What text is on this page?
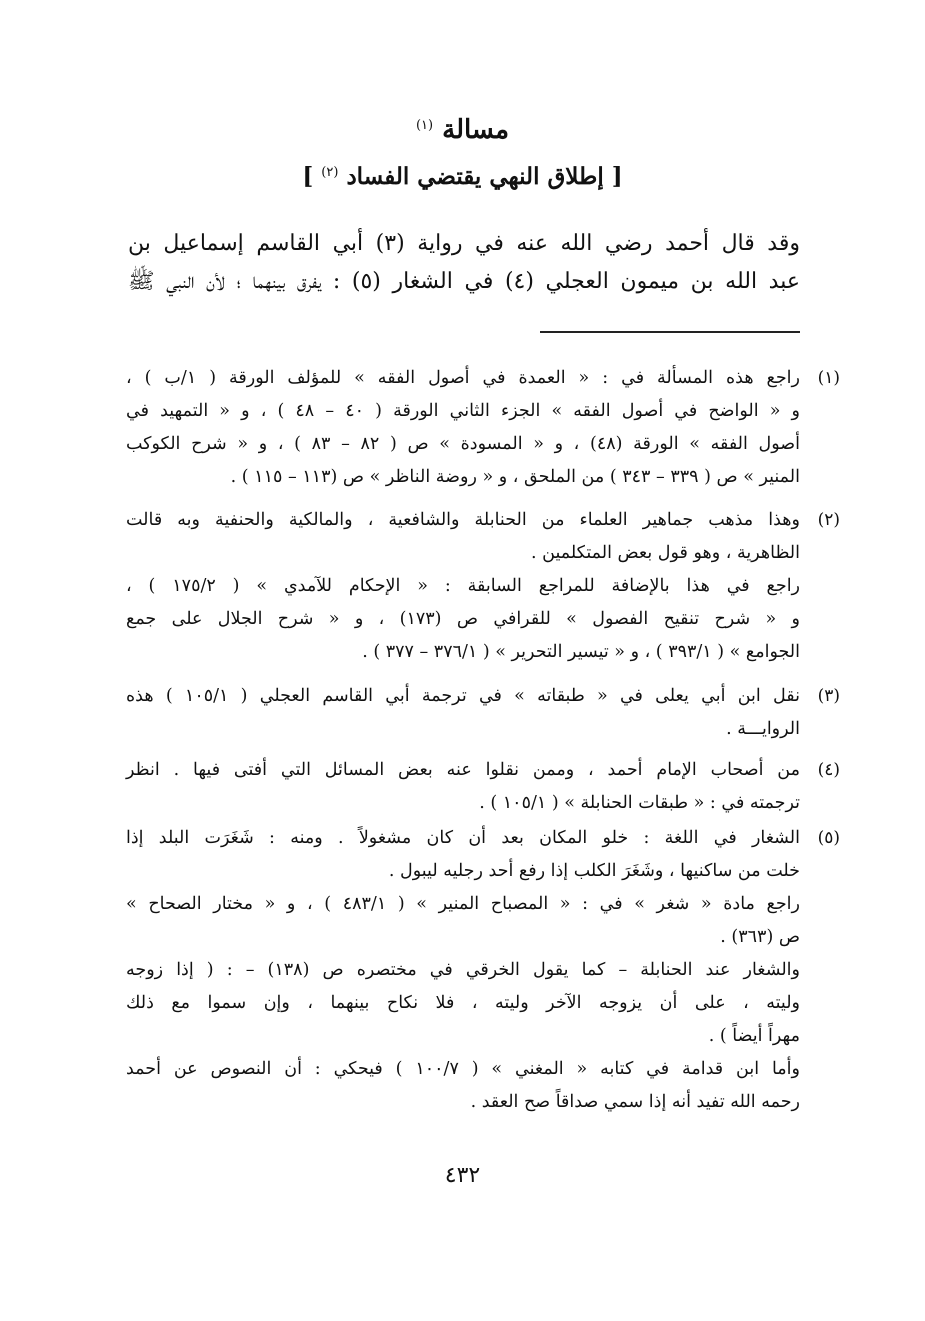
مسالة $^{(١)}$
[ إطلاق النهي يقتضي الفساد $^{(٢)}$ ]
وقد قال أحمد رضي الله عنه في رواية (٣) أبي القاسم إسماعيل بن
عبد الله بن ميمون العجلي (٤) في الشغار (٥) : يفرق بينهما ؛ لأن النبي ﷺ
(١)
راجع هذه المسألة في : « العمدة في أصول الفقه » للمؤلف الورقة ( ١/ب ) ،
و « الواضح في أصول الفقه » الجزء الثاني الورقة ( ٤٠ – ٤٨ ) ، و « التمهيد في
أصول الفقه » الورقة (٤٨) ، و « المسودة » ص ( ٨٢ – ٨٣ ) ، و « شرح الكوكب
المنير » ص ( ٣٣٩ – ٣٤٣ ) من الملحق ، و « روضة الناظر » ص (١١٣ – ١١٥ ) .
(٢)
وهذا مذهب جماهير العلماء من الحنابلة والشافعية ، والمالكية والحنفية وبه قالت
الظاهرية ، وهو قول بعض المتكلمين .
راجع في هذا بالإضافة للمراجع السابقة : « الإحكام للآمدي » ( ١٧٥/٢ ) ،
و « شرح تنقيح الفصول » للقرافي ص (١٧٣) ، و « شرح الجلال على جمع
الجوامع » ( ٣٩٣/١ ) ، و « تيسير التحرير » ( ٣٧٦/١ – ٣٧٧ ) .
(٣)
نقل ابن أبي يعلى في « طبقاته » في ترجمة أبي القاسم العجلي ( ١٠٥/١ ) هذه
الروايـــة .
(٤)
من أصحاب الإمام أحمد ، وممن نقلوا عنه بعض المسائل التي أفتى فيها . انظر
ترجمته في : « طبقات الحنابلة » ( ١٠٥/١ ) .
(٥)
الشغار في اللغة : خلو المكان بعد أن كان مشغولاً . ومنه : شَغَرَت البلد إذا
خلت من ساكنيها ، وشَغَرَ الكلب إذا رفع أحد رجليه ليبول .
راجع مادة « شغر » في : « المصباح المنير » ( ٤٨٣/١ ) ، و « مختار الصحاح »
ص (٣٦٣) .
والشغار عند الحنابلة – كما يقول الخرقي في مختصره ص (١٣٨) – : ( إذا زوجه
وليته ، على أن يزوجه الآخر وليته ، فلا نكاح بينهما ، وإن سموا مع ذلك
مهراً أيضاً ) .
وأما ابن قدامة في كتابه « المغني » ( ١٠٠/٧ ) فيحكي : أن النصوص عن أحمد
رحمه الله تفيد أنه إذا سمي صداقاً صح العقد .
٤٣٢
